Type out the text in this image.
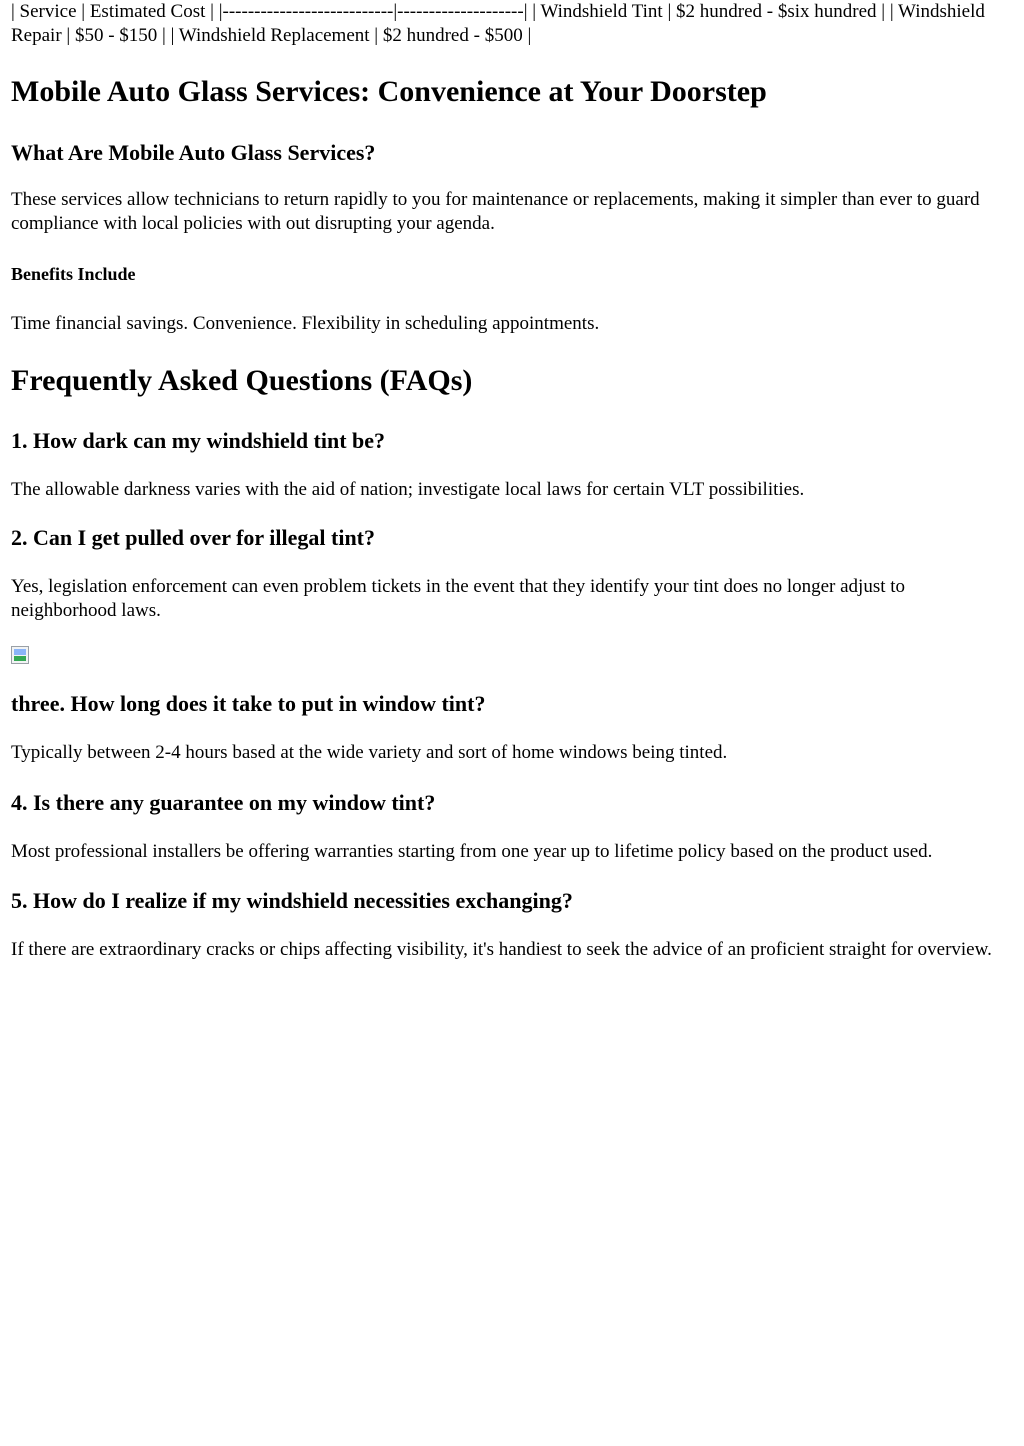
| Service | Estimated Cost | |---------------------------|--------------------| | Windshield Tint | $2 hundred - $six hundred | | Windshield Repair | $50 - $150 | | Windshield Replacement | $2 hundred - $500 |

Mobile Auto Glass Services: Convenience at Your Doorstep
What Are Mobile Auto Glass Services?

These services allow technicians to return rapidly to you for maintenance or replacements, making it simpler than ever to guard compliance with local policies with out disrupting your agenda.

Benefits Include

Time financial savings. Convenience. Flexibility in scheduling appointments.

Frequently Asked Questions (FAQs)
1. How dark can my windshield tint be?

The allowable darkness varies with the aid of nation; investigate local laws for certain VLT possibilities.

2. Can I get pulled over for illegal tint?

Yes, legislation enforcement can even problem tickets in the event that they identify your tint does no longer adjust to neighborhood laws.

three. How long does it take to put in window tint?

Typically between 2-4 hours based at the wide variety and sort of home windows being tinted.

4. Is there any guarantee on my window tint?

Most professional installers be offering warranties starting from one year up to lifetime policy based on the product used.

5. How do I realize if my windshield necessities exchanging?

If there are extraordinary cracks or chips affecting visibility, it's handiest to seek the advice of an proficient straight for overview.
